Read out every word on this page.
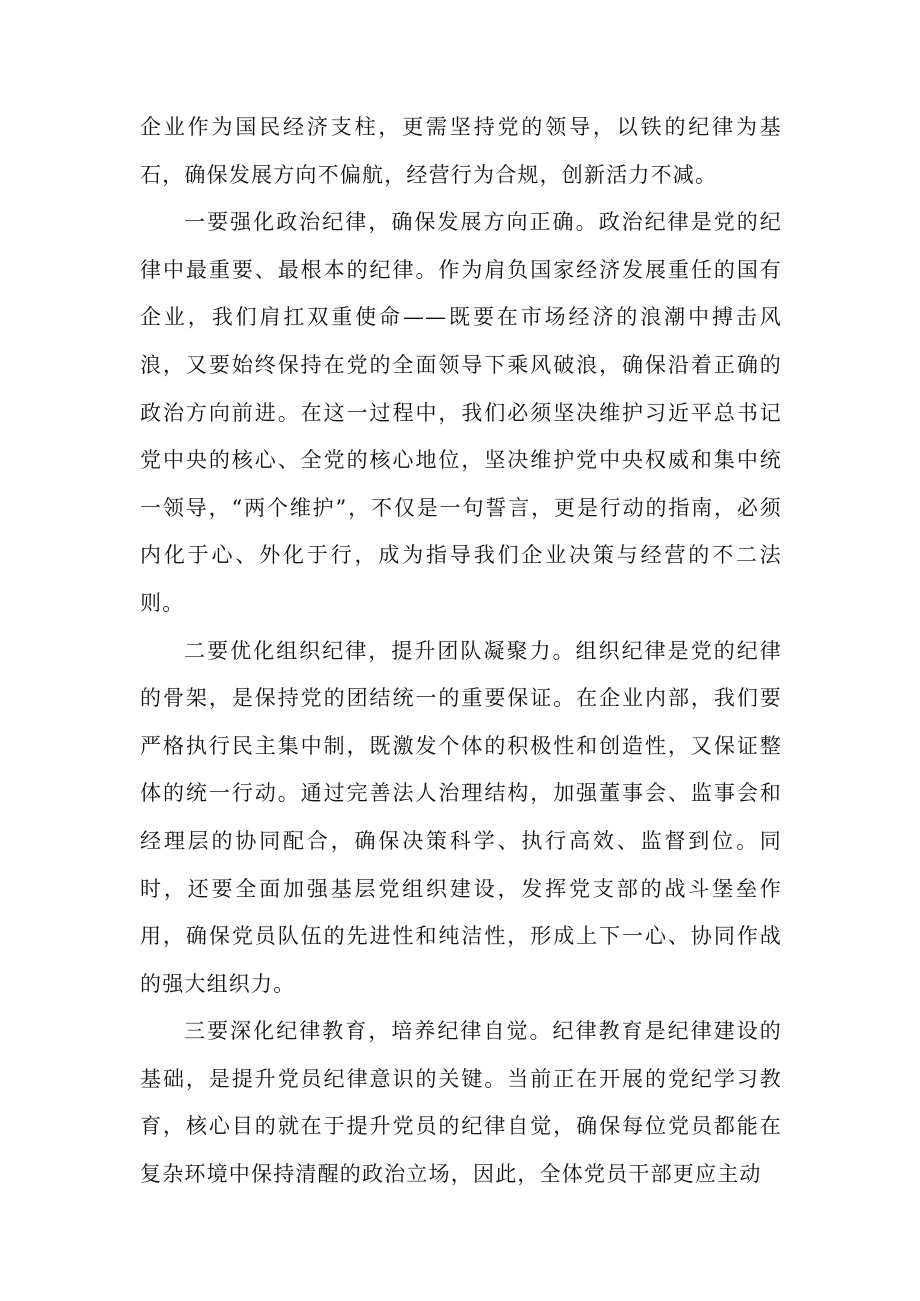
企业作为国民经济支柱，更需坚持党的领导，以铁的纪律为基石，确保发展方向不偏航，经营行为合规，创新活力不减。

一要强化政治纪律，确保发展方向正确。政治纪律是党的纪律中最重要、最根本的纪律。作为肩负国家经济发展重任的国有企业，我们肩扛双重使命——既要在市场经济的浪潮中搏击风浪，又要始终保持在党的全面领导下乘风破浪，确保沿着正确的政治方向前进。在这一过程中，我们必须坚决维护习近平总书记党中央的核心、全党的核心地位，坚决维护党中央权威和集中统一领导，“两个维护”，不仅是一句誓言，更是行动的指南，必须内化于心、外化于行，成为指导我们企业决策与经营的不二法则。

二要优化组织纪律，提升团队凝聚力。组织纪律是党的纪律的骨架，是保持党的团结统一的重要保证。在企业内部，我们要严格执行民主集中制，既激发个体的积极性和创造性，又保证整体的统一行动。通过完善法人治理结构，加强董事会、监事会和经理层的协同配合，确保决策科学、执行高效、监督到位。同时，还要全面加强基层党组织建设，发挥党支部的战斗堡垒作用，确保党员队伍的先进性和纯洁性，形成上下一心、协同作战的强大组织力。

三要深化纪律教育，培养纪律自觉。纪律教育是纪律建设的基础，是提升党员纪律意识的关键。当前正在开展的党纪学习教育，核心目的就在于提升党员的纪律自觉，确保每位党员都能在复杂环境中保持清醒的政治立场，因此，全体党员干部更应主动
